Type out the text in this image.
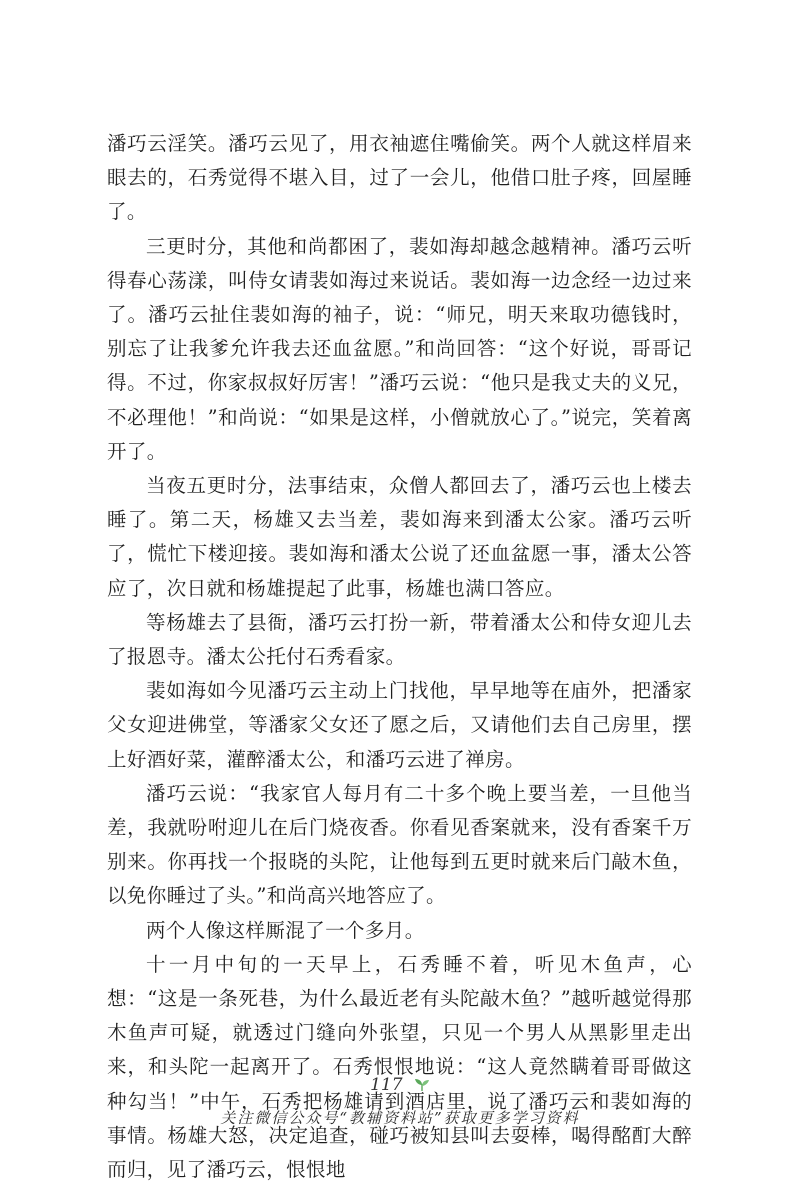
潘巧云淫笑。潘巧云见了，用衣袖遮住嘴偷笑。两个人就这样眉来眼去的，石秀觉得不堪入目，过了一会儿，他借口肚子疼，回屋睡了。

三更时分，其他和尚都困了，裴如海却越念越精神。潘巧云听得春心荡漾，叫侍女请裴如海过来说话。裴如海一边念经一边过来了。潘巧云扯住裴如海的袖子，说：“师兄，明天来取功德钱时，别忘了让我爹允许我去还血盆愿。”和尚回答：“这个好说，哥哥记得。不过，你家叔叔好厉害！”潘巧云说：“他只是我丈夫的义兄，不必理他！”和尚说：“如果是这样，小僧就放心了。”说完，笑着离开了。

当夜五更时分，法事结束，众僧人都回去了，潘巧云也上楼去睡了。第二天，杨雄又去当差，裴如海来到潘太公家。潘巧云听了，慌忙下楼迎接。裴如海和潘太公说了还血盆愿一事，潘太公答应了，次日就和杨雄提起了此事，杨雄也满口答应。

等杨雄去了县衙，潘巧云打扮一新，带着潘太公和侍女迎儿去了报恩寺。潘太公托付石秀看家。

裴如海如今见潘巧云主动上门找他，早早地等在庙外，把潘家父女迎进佛堂，等潘家父女还了愿之后，又请他们去自己房里，摆上好酒好菜，灌醉潘太公，和潘巧云进了禅房。

潘巧云说：“我家官人每月有二十多个晚上要当差，一旦他当差，我就吩咐迎儿在后门烧夜香。你看见香案就来，没有香案千万别来。你再找一个报晓的头陀，让他每到五更时就来后门敲木鱼，以免你睡过了头。”和尚高兴地答应了。

两个人像这样厮混了一个多月。

十一月中旬的一天早上，石秀睡不着，听见木鱼声，心想：“这是一条死巷，为什么最近老有头陀敲木鱼？”越听越觉得那木鱼声可疑，就透过门缝向外张望，只见一个男人从黑影里走出来，和头陀一起离开了。石秀恨恨地说：“这人竟然瞒着哥哥做这种勾当！”中午，石秀把杨雄请到酒店里，说了潘巧云和裴如海的事情。杨雄大怒，决定追查，碰巧被知县叫去耍棒，喝得酩酊大醉而归，见了潘巧云，恨恨地

117
关注微信公众号“教辅资料站”获取更多学习资料
